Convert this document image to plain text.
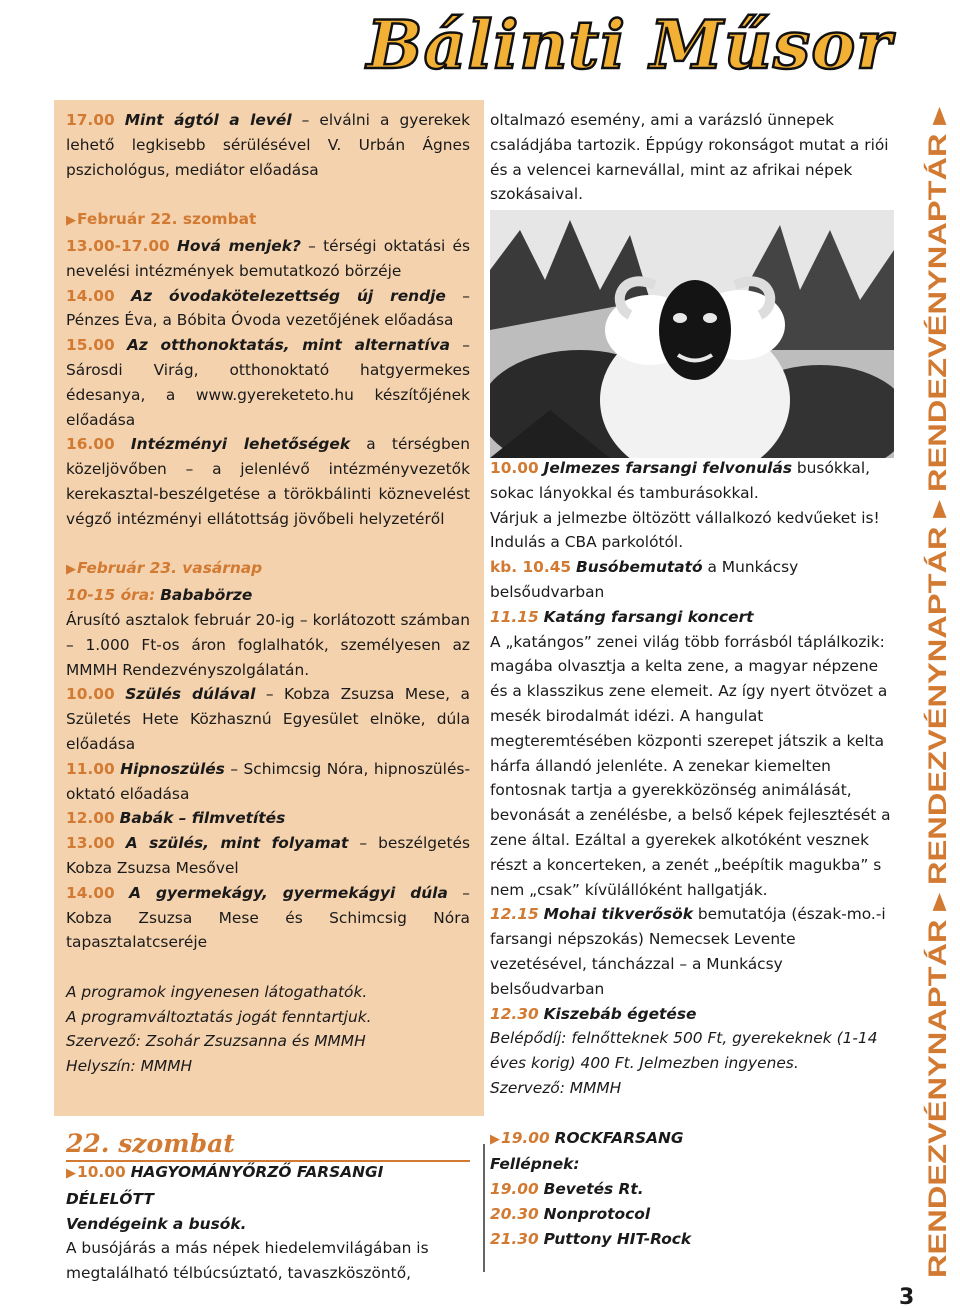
Bálinti Műsor

17.00 Mint ágtól a levél – elválni a gyerekek lehető legkisebb sérülésével V. Urbán Ágnes pszichológus, mediátor előadása

▶Február 22. szombat

13.00-17.00 Hová menjek? – térségi oktatási és nevelési intézmények bemutatkozó börzéje

14.00 Az óvodakötelezettség új rendje – Pénzes Éva, a Bóbita Óvoda vezetőjének előadása

15.00 Az otthonoktatás, mint alternatíva – Sárosdi Virág, otthonoktató hatgyermekes édesanya, a www.gyereketeto.hu készítőjének előadása

16.00 Intézményi lehetőségek a térségben közeljövőben – a jelenlévő intézményvezetők kerekasztal-beszélgetése a törökbálinti köznevelést végző intézményi ellátottság jövőbeli helyzetéről

▶Február 23. vasárnap

10-15 óra: Bababörze

Árusító asztalok február 20-ig – korlátozott számban – 1.000 Ft-os áron foglalhatók, személyesen az MMMH Rendezvényszolgálatán.

10.00 Szülés dúlával – Kobza Zsuzsa Mese, a Születés Hete Közhasznú Egyesület elnöke, dúla előadása

11.00 Hipnoszülés – Schimcsig Nóra, hipnoszülés-oktató előadása

12.00 Babák – filmvetítés

13.00 A szülés, mint folyamat – beszélgetés Kobza Zsuzsa Mesővel

14.00 A gyermekágy, gyermekágyi dúla – Kobza Zsuzsa Mese és Schimcsig Nóra tapasztalatcseréje

A programok ingyenesen látogathatók.

A programváltoztatás jogát fenntartjuk.

Szervező: Zsohár Zsuzsanna és MMMH

Helyszín: MMMH

22. szombat

▶10.00 HAGYOMÁNYŐRZŐ FARSANGI DÉLELŐTT

Vendégeink a busók.

A busójárás a más népek hiedelemvilágában is megtalálható télbúcsúztató, tavaszköszöntő,

oltalmazó esemény, ami a varázsló ünnepek családjába tartozik. Éppúgy rokonságot mutat a riói és a velencei karnevállal, mint az afrikai népek szokásaival.

10.00 Jelmezes farsangi felvonulás busókkal, sokac lányokkal és tamburásokkal.

Várjuk a jelmezbe öltözött vállalkozó kedvűeket is! Indulás a CBA parkolótól.

kb. 10.45 Busóbemutató a Munkácsy belsőudvarban

11.15 Katáng farsangi koncert

A „katángos” zenei világ több forrásból táplálkozik: magába olvasztja a kelta zene, a magyar népzene és a klasszikus zene elemeit. Az így nyert ötvözet a mesék birodalmát idézi. A hangulat megteremtésében központi szerepet játszik a kelta hárfa állandó jelenléte. A zenekar kiemelten fontosnak tartja a gyerekközönség animálását, bevonását a zenélésbe, a belső képek fejlesztését a zene által. Ezáltal a gyerekek alkotóként vesznek részt a koncerteken, a zenét „beépítik magukba” s nem „csak” kívülállóként hallgatják.

12.15 Mohai tikverősök bemutatója (észak-mo.-i farsangi népszokás) Nemecsek Levente vezetésével, táncházzal – a Munkácsy belsőudvarban

12.30 Kiszebáb égetése

Belépődíj: felnőtteknek 500 Ft, gyerekeknek (1-14 éves korig) 400 Ft. Jelmezben ingyenes.

Szervező: MMMH

▶19.00 ROCKFARSANG

Fellépnek:

19.00 Bevetés Rt.

20.30 Nonprotocol

21.30 Puttony HIT-Rock	RENDEZVÉNYNAPTÁR ▸ RENDEZVÉNYNAPTÁR ▸ RENDEZVÉNYNAPTÁR ▸
3
